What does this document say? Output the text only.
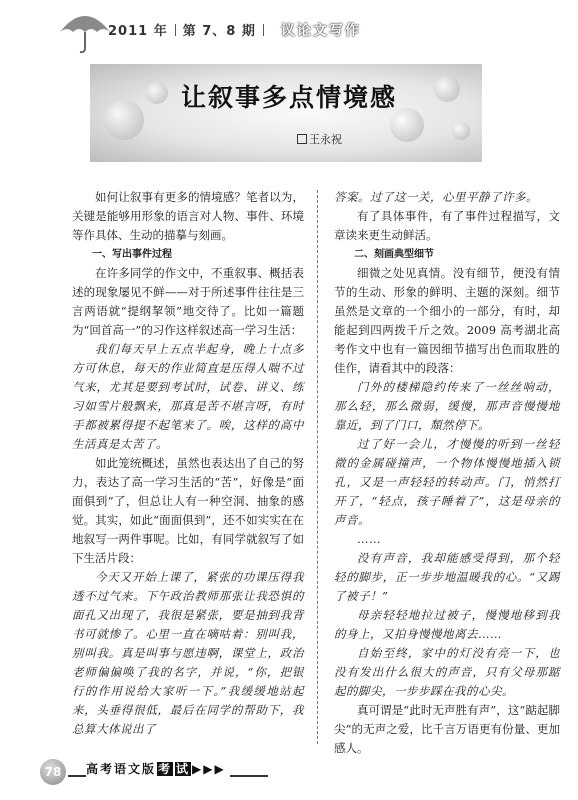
2011 年 第 7、8 期 议论文写作
让叙事多点情境感
王永祝

如何让叙事有更多的情境感？笔者以为，关键是能够用形象的语言对人物、事件、环境等作具体、生动的描摹与刻画。

一、写出事件过程

在许多同学的作文中，不重叙事、概括表述的现象屡见不鲜——对于所述事件往往是三言两语就“提纲挈领”地交待了。比如一篇题为“回首高一”的习作这样叙述高一学习生活：

我们每天早上五点半起身，晚上十点多方可休息，每天的作业简直是压得人喘不过气来，尤其是要到考试时，试卷、讲义、练习如雪片般飘来，那真是苦不堪言呀，有时手都被累得提不起笔来了。唉，这样的高中生活真是太苦了。

如此笼统概述，虽然也表达出了自己的努力，表达了高一学习生活的“苦”，好像是“面面俱到”了，但总让人有一种空洞、抽象的感觉。其实，如此“面面俱到”，还不如实实在在地叙写一两件事呢。比如，有同学就叙写了如下生活片段：

今天又开始上课了，紧张的功课压得我透不过气来。下午政治教师那张让我恐惧的面孔又出现了，我很是紧张，要是抽到我背书可就惨了。心里一直在嘀咕着：别叫我，别叫我。真是叫事与愿违啊，课堂上，政治老师偏偏唤了我的名字，并说，“你，把银行的作用说给大家听一下。”我缓缓地站起来，头垂得很低，最后在同学的帮助下，我总算大体说出了

答案。过了这一关，心里平静了许多。

有了具体事件，有了事件过程描写，文章读来更生动鲜活。

二、刻画典型细节

细微之处见真情。没有细节，便没有情节的生动、形象的鲜明、主题的深刻。细节虽然是文章的一个细小的一部分，有时，却能起到四两拨千斤之效。2009 高考湖北高考作文中也有一篇因细节描写出色而取胜的佳作，请看其中的段落：

门外的楼梯隐约传来了一丝丝响动，那么轻，那么微弱，缓慢，那声音慢慢地靠近，到了门口，頽然停下。

过了好一会儿，才慢慢的听到一丝轻微的金属碰撞声，一个物体慢慢地插入锁孔，又是一声轻轻的转动声。门，悄然打开了，“轻点，孩子睡着了”，这是母亲的声音。

……

没有声音，我却能感受得到，那个轻轻的脚步，正一步步地温暖我的心。“又踢了被子！”

母亲轻轻地拉过被子，慢慢地移到我的身上，又拍身慢慢地离去……

自始至终，家中的灯没有亮一下，也没有发出什么很大的声音，只有父母那踮起的脚尖，一步步踩在我的心尖。

真可谓是“此时无声胜有声”，这“踮起脚尖”的无声之爱，比千言万语更有份量、更加感人。

78	高考语文版 考 试 ▶▶▶
